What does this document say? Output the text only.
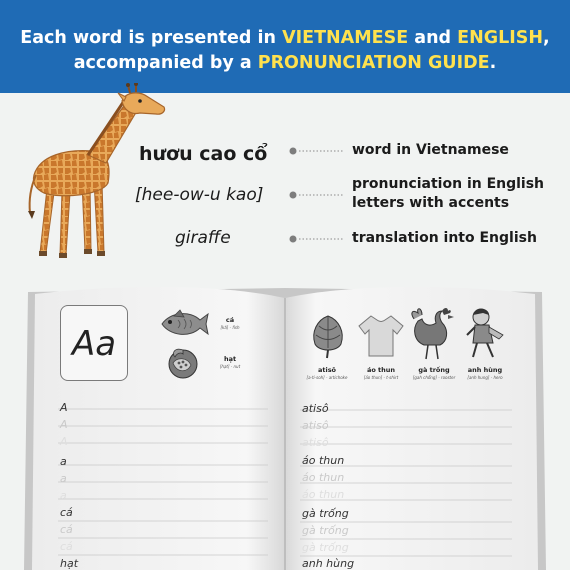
Each word is presented in VIETNAMESE and ENGLISH,
accompanied by a PRONUNCIATION GUIDE.
hươu cao cổ
[hee-ow-u kao]
giraffe
word in Vietnamese
pronunciation in English
letters with accents
translation into English
Aa
cá
[kă] - fish
hạt
[hạt] - nut
A
A
A
a
a
a
cá
cá
cá
hạt
atisô
[a-ti-soh] - artichoke
áo thun
[ảo thun] - t-shirt
gà trống
[gah chổng] - rooster
anh hùng
[anh hung] - hero
atisô
atisô
atisô
áo thun
áo thun
áo thun
gà trống
gà trống
gà trống
anh hùng
